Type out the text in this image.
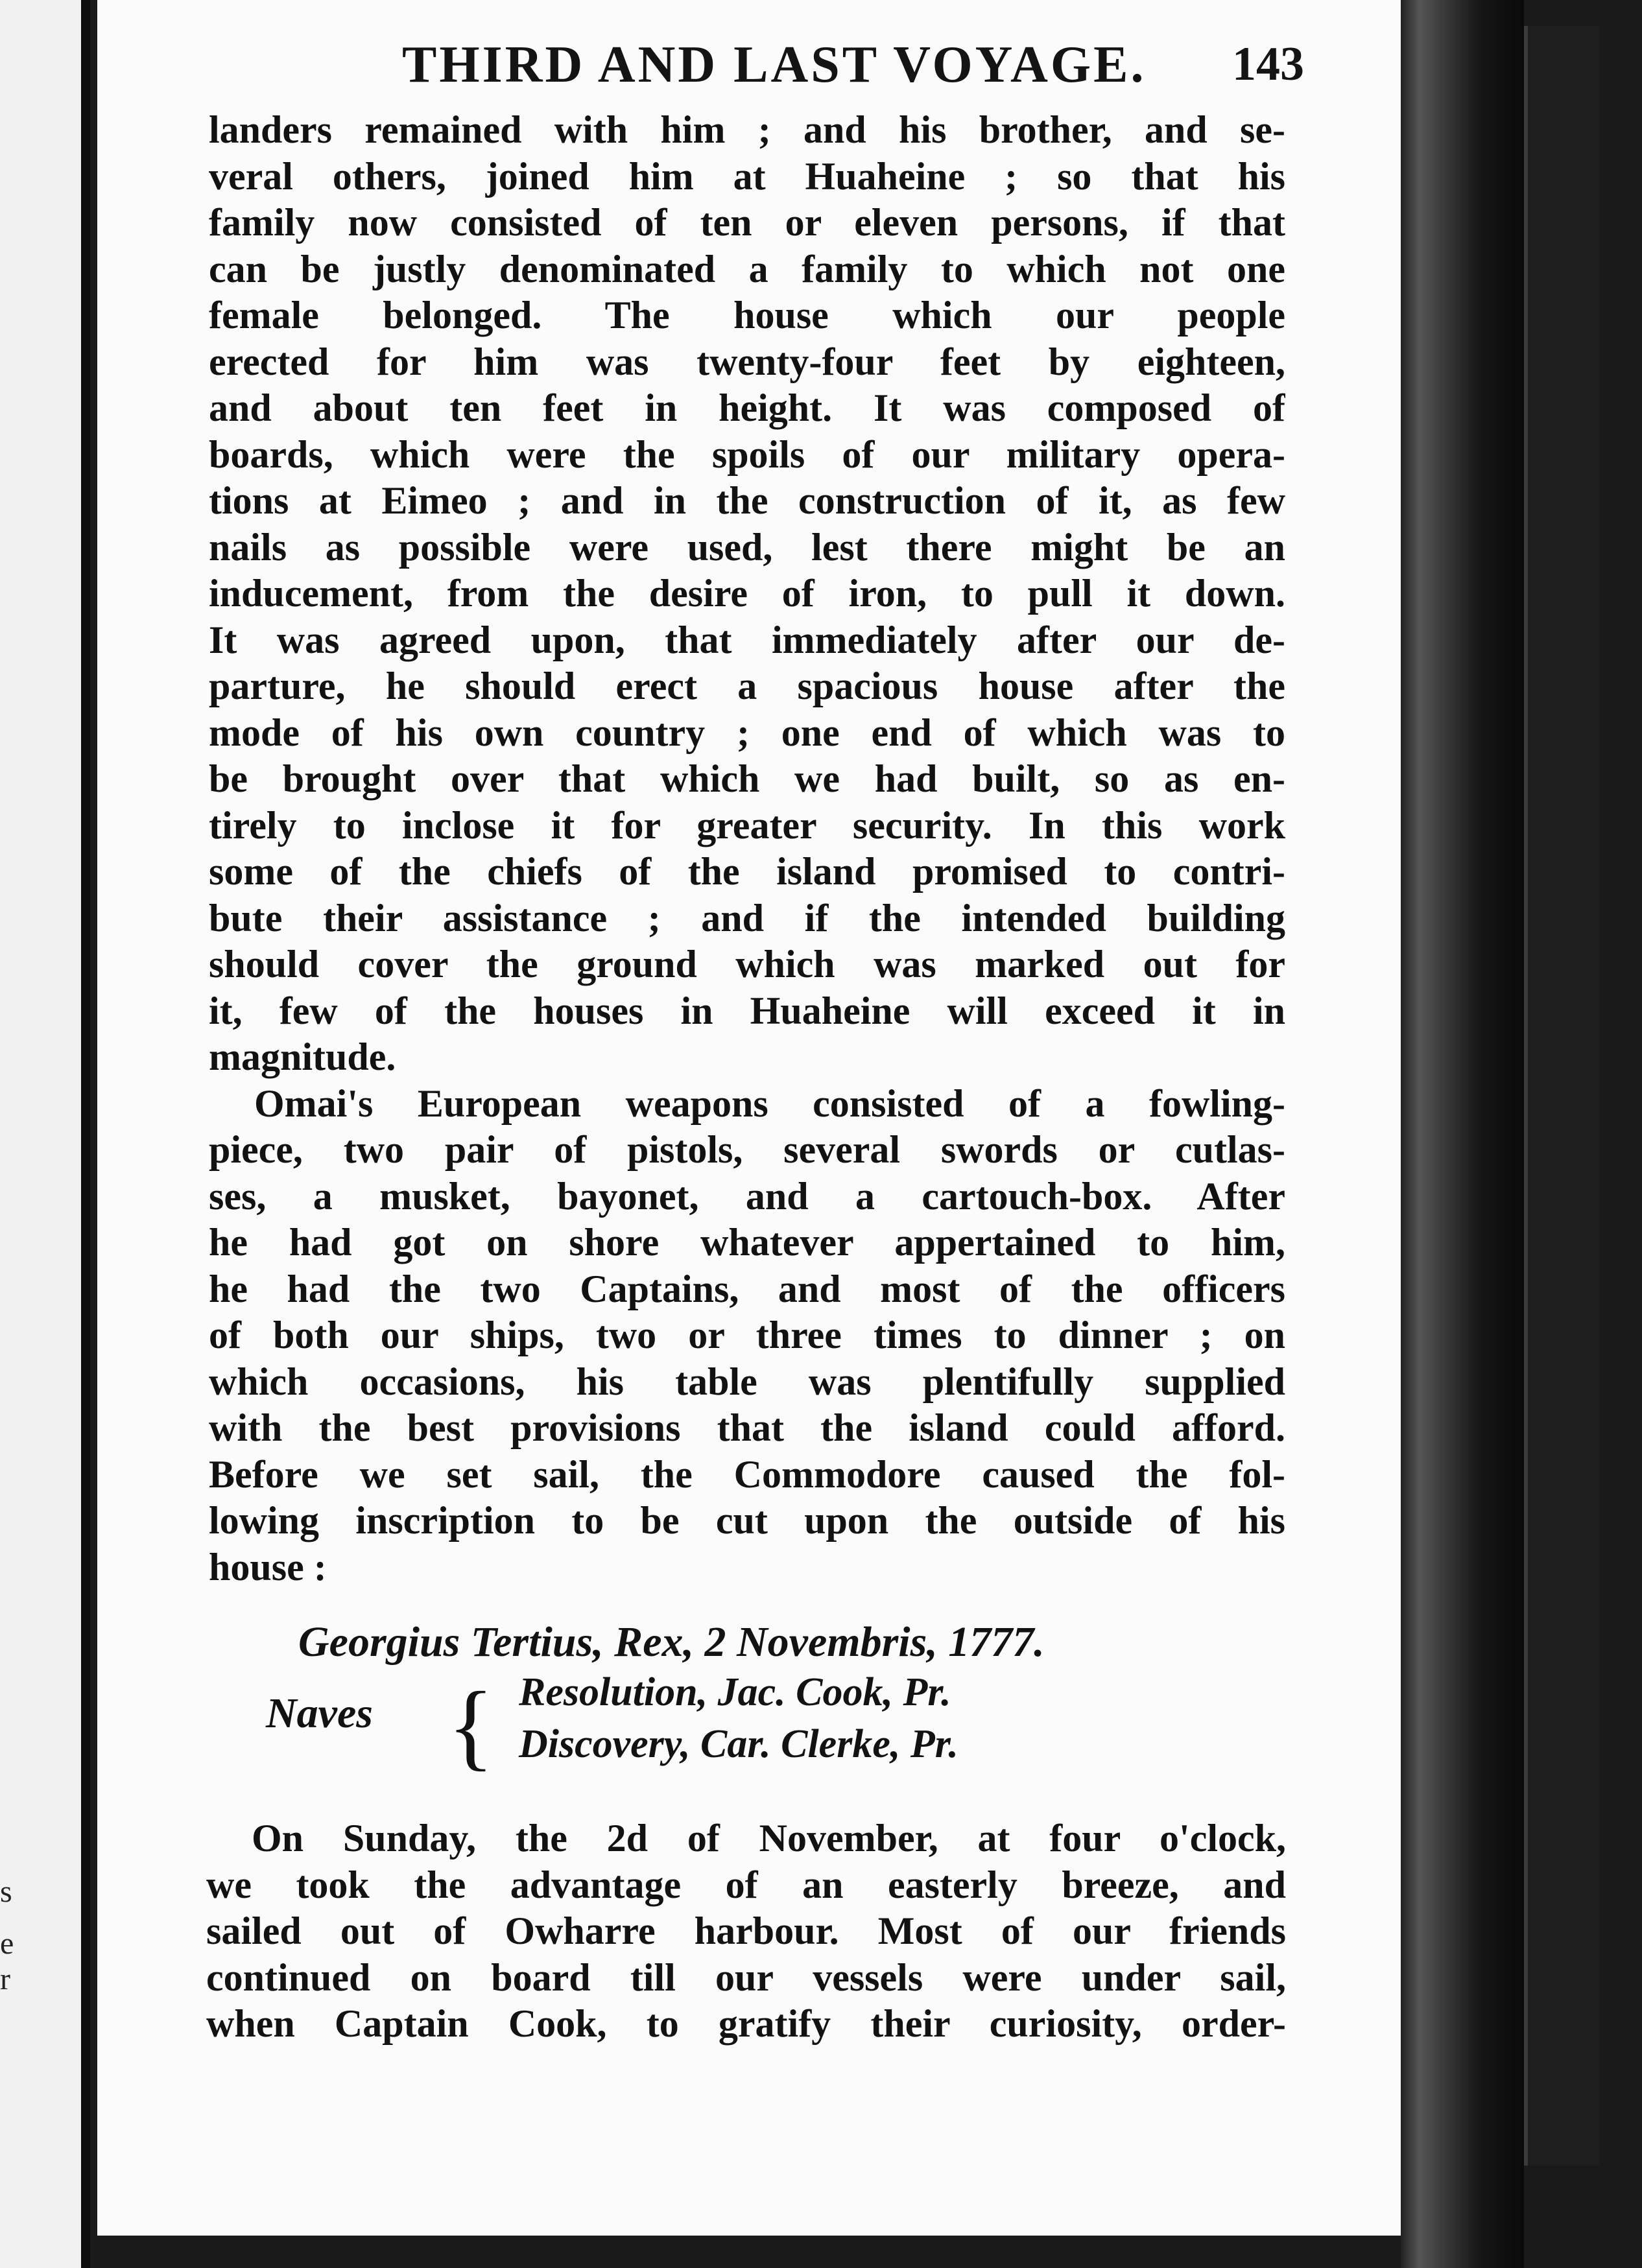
s
e
r
THIRD AND LAST VOYAGE. 143
landers remained with him ; and his brother, and se-
veral others, joined him at Huaheine ; so that his
family now consisted of ten or eleven persons, if that
can be justly denominated a family to which not one
female belonged. The house which our people
erected for him was twenty-four feet by eighteen,
and about ten feet in height. It was composed of
boards, which were the spoils of our military opera-
tions at Eimeo ; and in the construction of it, as few
nails as possible were used, lest there might be an
inducement, from the desire of iron, to pull it down.
It was agreed upon, that immediately after our de-
parture, he should erect a spacious house after the
mode of his own country ; one end of which was to
be brought over that which we had built, so as en-
tirely to inclose it for greater security. In this work
some of the chiefs of the island promised to contri-
bute their assistance ; and if the intended building
should cover the ground which was marked out for
it, few of the houses in Huaheine will exceed it in
magnitude.
Omai's European weapons consisted of a fowling-
piece, two pair of pistols, several swords or cutlas-
ses, a musket, bayonet, and a cartouch-box. After
he had got on shore whatever appertained to him,
he had the two Captains, and most of the officers
of both our ships, two or three times to dinner ; on
which occasions, his table was plentifully supplied
with the best provisions that the island could afford.
Before we set sail, the Commodore caused the fol-
lowing inscription to be cut upon the outside of his
house :
Georgius Tertius, Rex, 2 Novembris, 1777.
Naves { Resolution, Jac. Cook, Pr.
Discovery, Car. Clerke, Pr.
On Sunday, the 2d of November, at four o'clock,
we took the advantage of an easterly breeze, and
sailed out of Owharre harbour. Most of our friends
continued on board till our vessels were under sail,
when Captain Cook, to gratify their curiosity, order-
